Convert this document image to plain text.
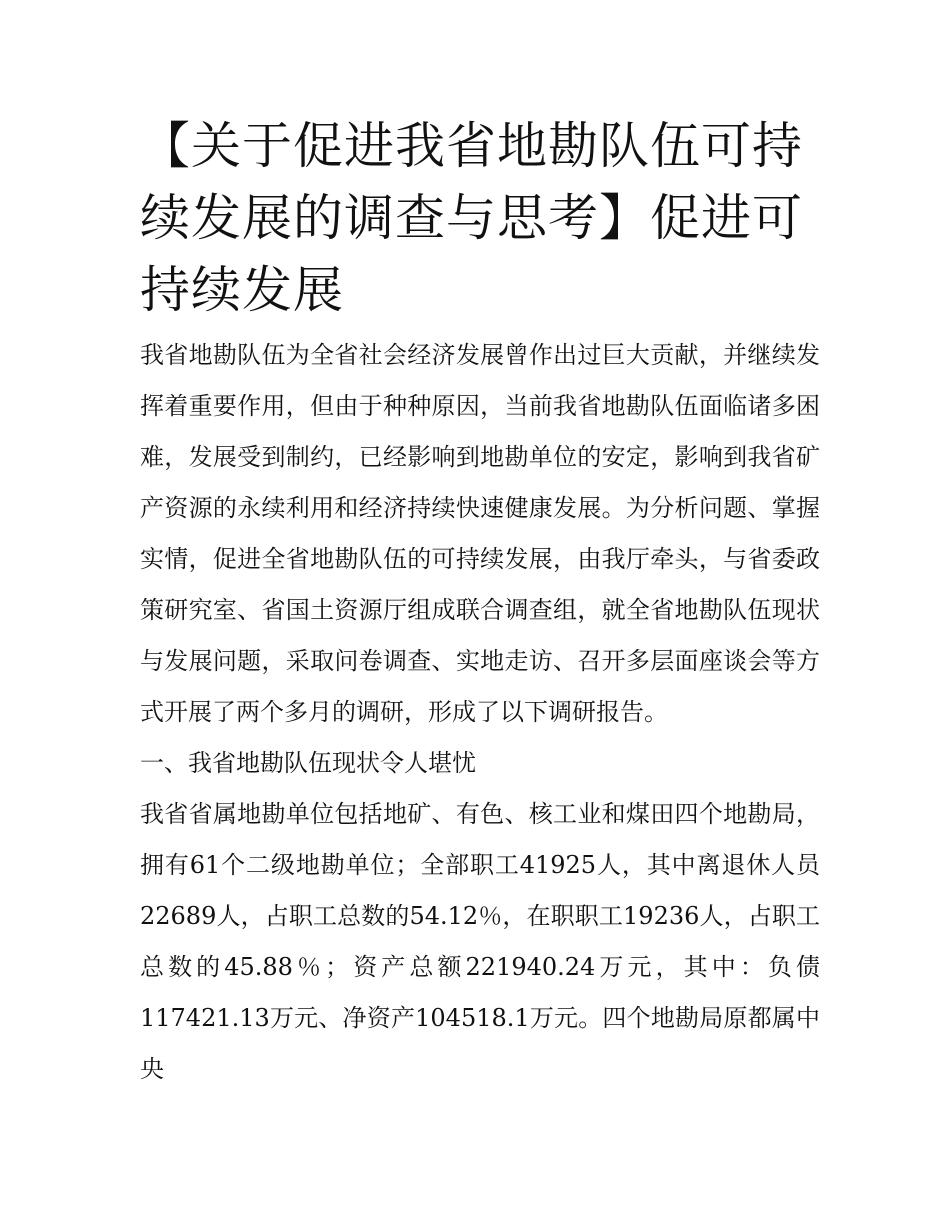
【关于促进我省地勘队伍可持续发展的调查与思考】促进可持续发展

我省地勘队伍为全省社会经济发展曾作出过巨大贡献，并继续发挥着重要作用，但由于种种原因，当前我省地勘队伍面临诸多困难，发展受到制约，已经影响到地勘单位的安定，影响到我省矿产资源的永续利用和经济持续快速健康发展。为分析问题、掌握实情，促进全省地勘队伍的可持续发展，由我厅牵头，与省委政策研究室、省国土资源厅组成联合调查组，就全省地勘队伍现状与发展问题，采取问卷调查、实地走访、召开多层面座谈会等方式开展了两个多月的调研，形成了以下调研报告。

一、我省地勘队伍现状令人堪忧

我省省属地勘单位包括地矿、有色、核工业和煤田四个地勘局，拥有61个二级地勘单位；全部职工41925人，其中离退休人员22689人，占职工总数的54.12％，在职职工19236人，占职工总数的45.88％；资产总额221940.24万元，其中：负债117421.13万元、净资产104518.1万元。四个地勘局原都属中央
